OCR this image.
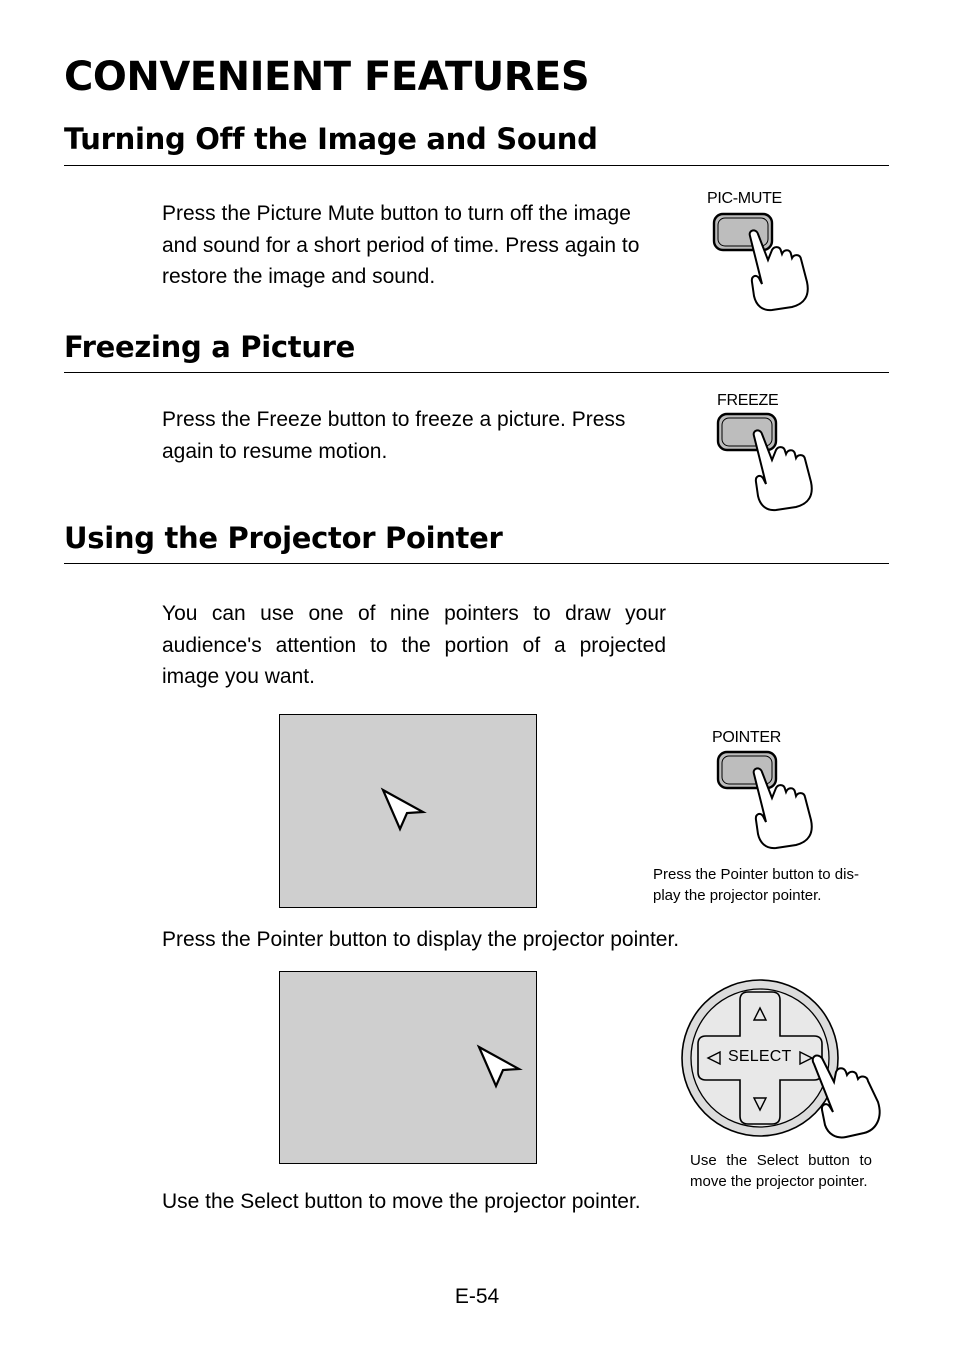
CONVENIENT FEATURES
Turning Off the Image and Sound
Press the Picture Mute button to turn off the image
and sound for a short period of time. Press again to
restore the image and sound.
PIC-MUTE
Freezing a Picture
Press the Freeze button to freeze a picture. Press
again to resume motion.
FREEZE
Using the Projector Pointer
You can use one of nine pointers to draw your audience's attention to the portion of a projected image you want.
POINTER
Press the Pointer button to dis-
play the projector pointer.
Press the Pointer button to display the projector pointer.
SELECT
Use the Select button to
move the projector pointer.
Use the Select button to move the projector pointer.
E-54
